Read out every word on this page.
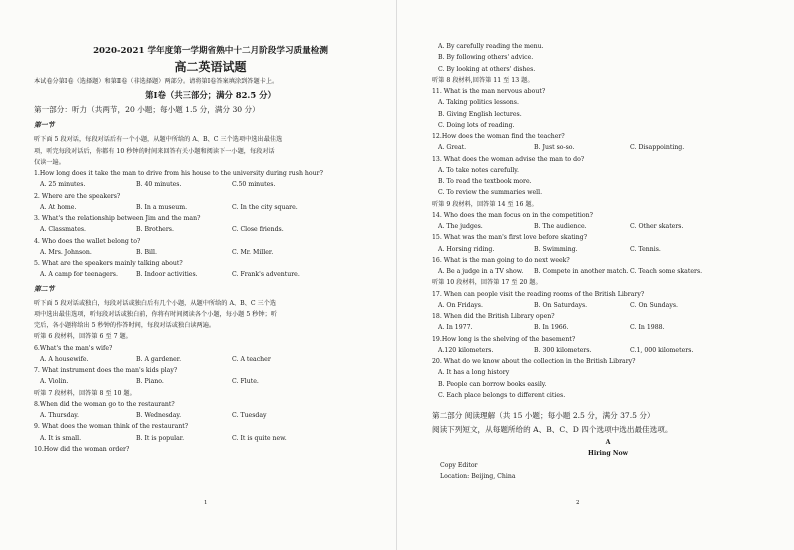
2020-2021 学年度第一学期省熟中十二月阶段学习质量检测
高二英语试题
本试卷分第Ⅰ卷（选择题）和第Ⅱ卷（非选择题）两部分。请将第Ⅰ卷答案填涂到答题卡上。
第Ⅰ卷（共三部分；满分 82.5 分）
第一部分：听力（共两节，20 小题；每小题 1.5 分，满分 30 分）
第一节
听下面 5 段对话，每段对话后有一个小题，从题中所给的 A、B、C 三个选项中选出最佳选
项，听完每段对话后，你都有 10 秒钟的时间来回答有关小题和阅读下一小题，每段对话
仅读一遍。
1.How long does it take the man to drive from his house to the university during rush hour?
A. 25 minutes.	B. 40 minutes.	C.50 minutes.
2. Where are the speakers?
A. At home.	B. In a museum.	C. In the city square.
3. What's the relationship between Jim and the man?
A. Classmates.	B. Brothers.	C. Close friends.
4. Who does the wallet belong to?
A. Mrs. Johnson.	B. Bill.	C. Mr. Miller.
5. What are the speakers mainly talking about?
A. A camp for teenagers.	B. Indoor activities.	C. Frank's adventure.
第二节
听下面 5 段对话或独白，每段对话或独白后有几个小题，从题中所给的 A、B、C 三个选
项中选出最佳选项，听每段对话或独白前，你将有时间阅读各个小题，每小题 5 秒钟；听
完后，各小题将给出 5 秒钟的作答时间，每段对话或独白读两遍。
听第 6 段材料，回答第 6 至 7 题。
6.What's the man's wife?
A. A housewife.	B. A gardener.	C. A teacher
7. What instrument does the man's kids play?
A. Violin.	B. Piano.	C. Flute.
听第 7 段材料，回答第 8 至 10 题。
8.When did the woman go to the restaurant?
A. Thursday.	B. Wednesday.	C. Tuesday
9. What does the woman think of the restaurant?
A. It is small.	B. It is popular.	C. It is quite new.
10.How did the woman order?
1
A. By carefully reading the menu.
B. By following others' advice.
C. By looking at others' dishes.
听第 8 段材料,回答第 11 至 13 题。
11. What is the man nervous about?
A. Taking politics lessons.
B. Giving English lectures.
C. Doing lots of reading.
12.How does the woman find the teacher?
A. Great.	B. Just so-so.	C. Disappointing.
13. What does the woman advise the man to do?
A. To take notes carefully.
B. To read the textbook more.
C. To review the summaries well.
听第 9 段材料，回答第 14 至 16 题。
14. Who does the man focus on in the competition?
A. The judges.	B. The audience.	C. Other skaters.
15. What was the man's first love before skating?
A. Horsing riding.	B. Swimming.	C. Tennis.
16. What is the man going to do next week?
A. Be a judge in a TV show.	B. Compete in another match. C. Teach some skaters.
听第 10 段材料，回答第 17 至 20 题。
17. When can people visit the reading rooms of the British Library?
A. On Fridays.	B. On Saturdays.	C. On Sundays.
18. When did the British Library open?
A. In 1977.	B. In 1966.	C. In 1988.
19.How long is the shelving of the basement?
A.120 kilometers.	B. 300 kilometers.	C.1, 000 kilometers.
20. What do we know about the collection in the British Library?
A. It has a long history
B. People can borrow books easily.
C. Each place belongs to different cities.
第二部分 阅读理解（共 15 小题；每小题 2.5 分，满分 37.5 分）
阅读下列短文，从每题所给的 A、B、C、D 四个选项中选出最佳选项。
A
Hiring Now
Copy Editor
Location: Beijing, China
2
